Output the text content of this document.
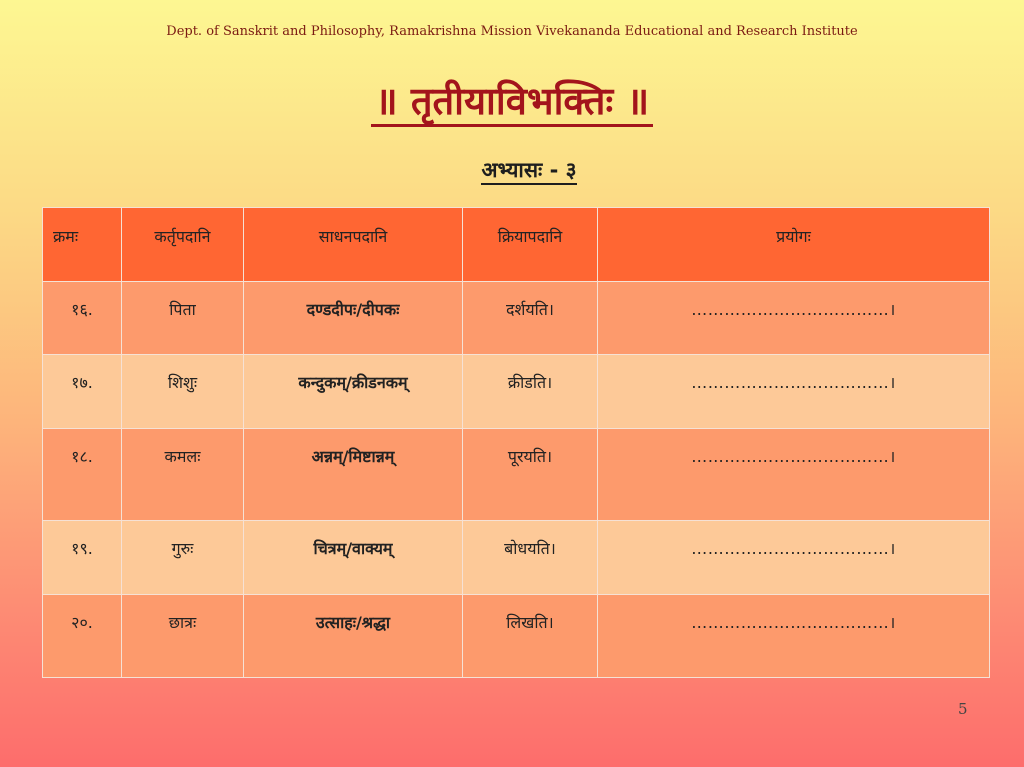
Dept. of Sanskrit and Philosophy, Ramakrishna Mission Vivekananda Educational and Research Institute
॥ तृतीयाविभक्तिः ॥
अभ्यासः - ३
क्रमः	कर्तृपदानि	साधनपदानि	क्रियापदानि	प्रयोगः
१६.	पिता	दण्डदीपः/दीपकः	दर्शयति।	………………………………।
१७.	शिशुः	कन्दुकम्/क्रीडनकम्	क्रीडति।	………………………………।
१८.	कमलः	अन्नम्/मिष्टान्नम्	पूरयति।	………………………………।
१९.	गुरुः	चित्रम्/वाक्यम्	बोधयति।	………………………………।
२०.	छात्रः	उत्साहः/श्रद्धा	लिखति।	………………………………।
5
